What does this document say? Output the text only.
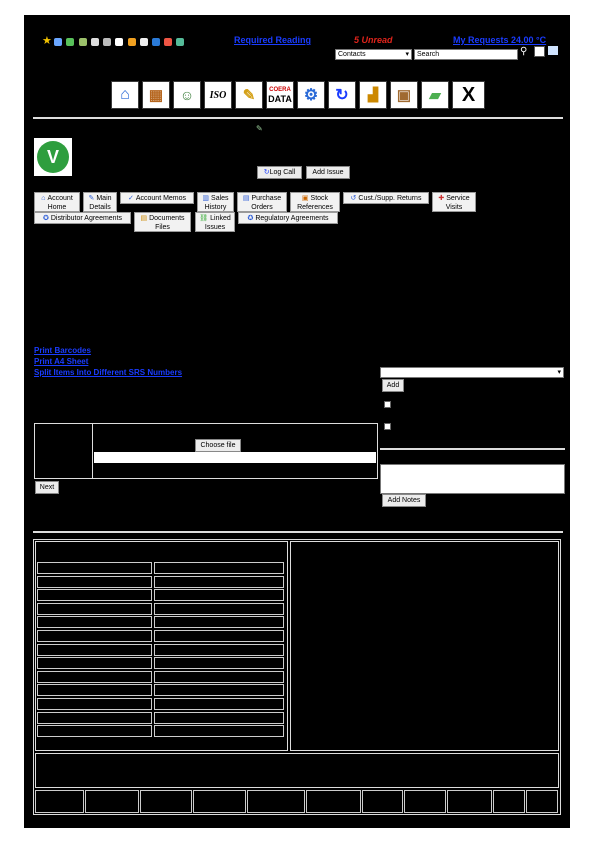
★	Required Reading	5 Unread	My Requests 24.00 °C
Contacts	▾	Search	⚲
⌂ ▦ ☺ ISO ✎ COERA
DATA ⚙ ↻ ▟ ▣ ▰ X
✎
V
↻Log Call	Add Issue
⌂ Account Home
✎ Main Details
✓ Account Memos	▥ Sales History
▤ Purchase Orders
▣ Stock References
↺ Cust./Supp. Returns	✚ Service Visits
✪ Distributor Agreements	▤ Documents Files
⛓ Linked Issues
✪ Regulatory Agreements
Print Barcodes
Print A4 Sheet
Split Items Into Different SRS Numbers	▾
Add
Add Notes
Choose file
Next
